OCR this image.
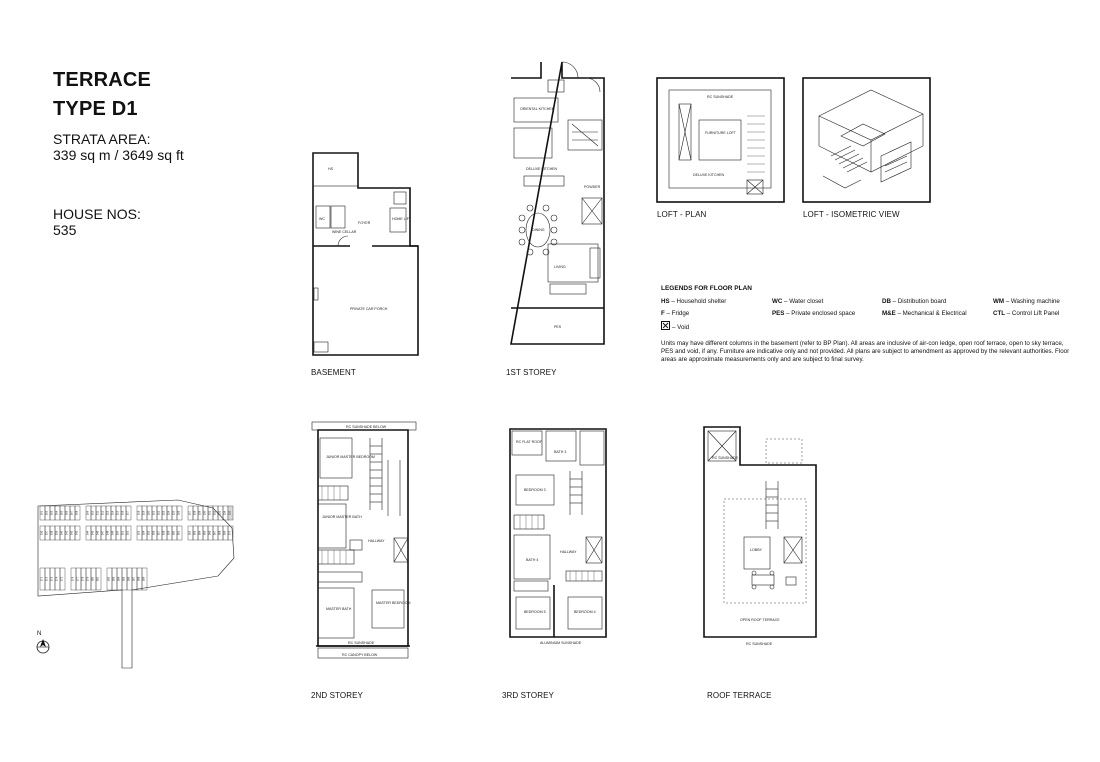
TERRACE
TYPE D1
STRATA AREA:
339 sq m / 3649 sq ft
HOUSE NOS:
535
HS
WC
WINE CELLAR
FOYER
HOME LIFT
PRIVATE CAR PORCH
ORIENTAL KITCHEN
DELUXE KITCHEN
POWDER
DINING
LIVING
PES
RC SUNSHADE
FURNITURE LOFT
DELUXE KITCHEN
BASEMENT	1ST STOREY
LOFT - PLAN	LOFT - ISOMETRIC VIEW
LEGENDS FOR FLOOR PLAN
HS – Household shelter	WC – Water closet	DB – Distribution board	WM – Washing machine
F – Fridge	PES – Private enclosed space	M&E – Mechanical & Electrical	CTL – Control Lift Panel
– Void
Units may have different columns in the basement (refer to BP Plan). All areas are inclusive of air-con ledge, open roof terrace, open to sky terrace, PES and void, if any. Furniture are indicative only and not provided. All plans are subject to amendment as approved by the relevant authorities. Floor areas are approximate measurements only and are subject to final survey.
501 502 503 504 505 506 507 508	509 510 511 512 513 514 515 516 517	518 519 520 521 522 523 524 525 526	527 528 529 530 531 532 533 534 535
536 537 538 539 540 541 542 543	544 545 546 547 548 549 550 551 552	553 554 555 556 557 558 559 560 561	562 563 564 565 566 567 568 569 570
571 572 573 574 575	576 577 578 579 580 581	582 583 584 585 586 587 588 589
N
RC SUNSHADE BELOW
JUNIOR MASTER BEDROOM
JUNIOR MASTER BATH
HALLWAY
MASTER BATH
MASTER BEDROOM
RC SUNSHADE
RC CANOPY BELOW
RC FLAT ROOF
BATH 3
BEDROOM 3
BATH 4
HALLWAY
BEDROOM 5	BEDROOM 4
ALUMINIUM SUNSHADE
RC SUNSHADE
LOBBY
OPEN ROOF TERRACE
RC SUNSHADE
2ND STOREY	3RD STOREY	ROOF TERRACE
